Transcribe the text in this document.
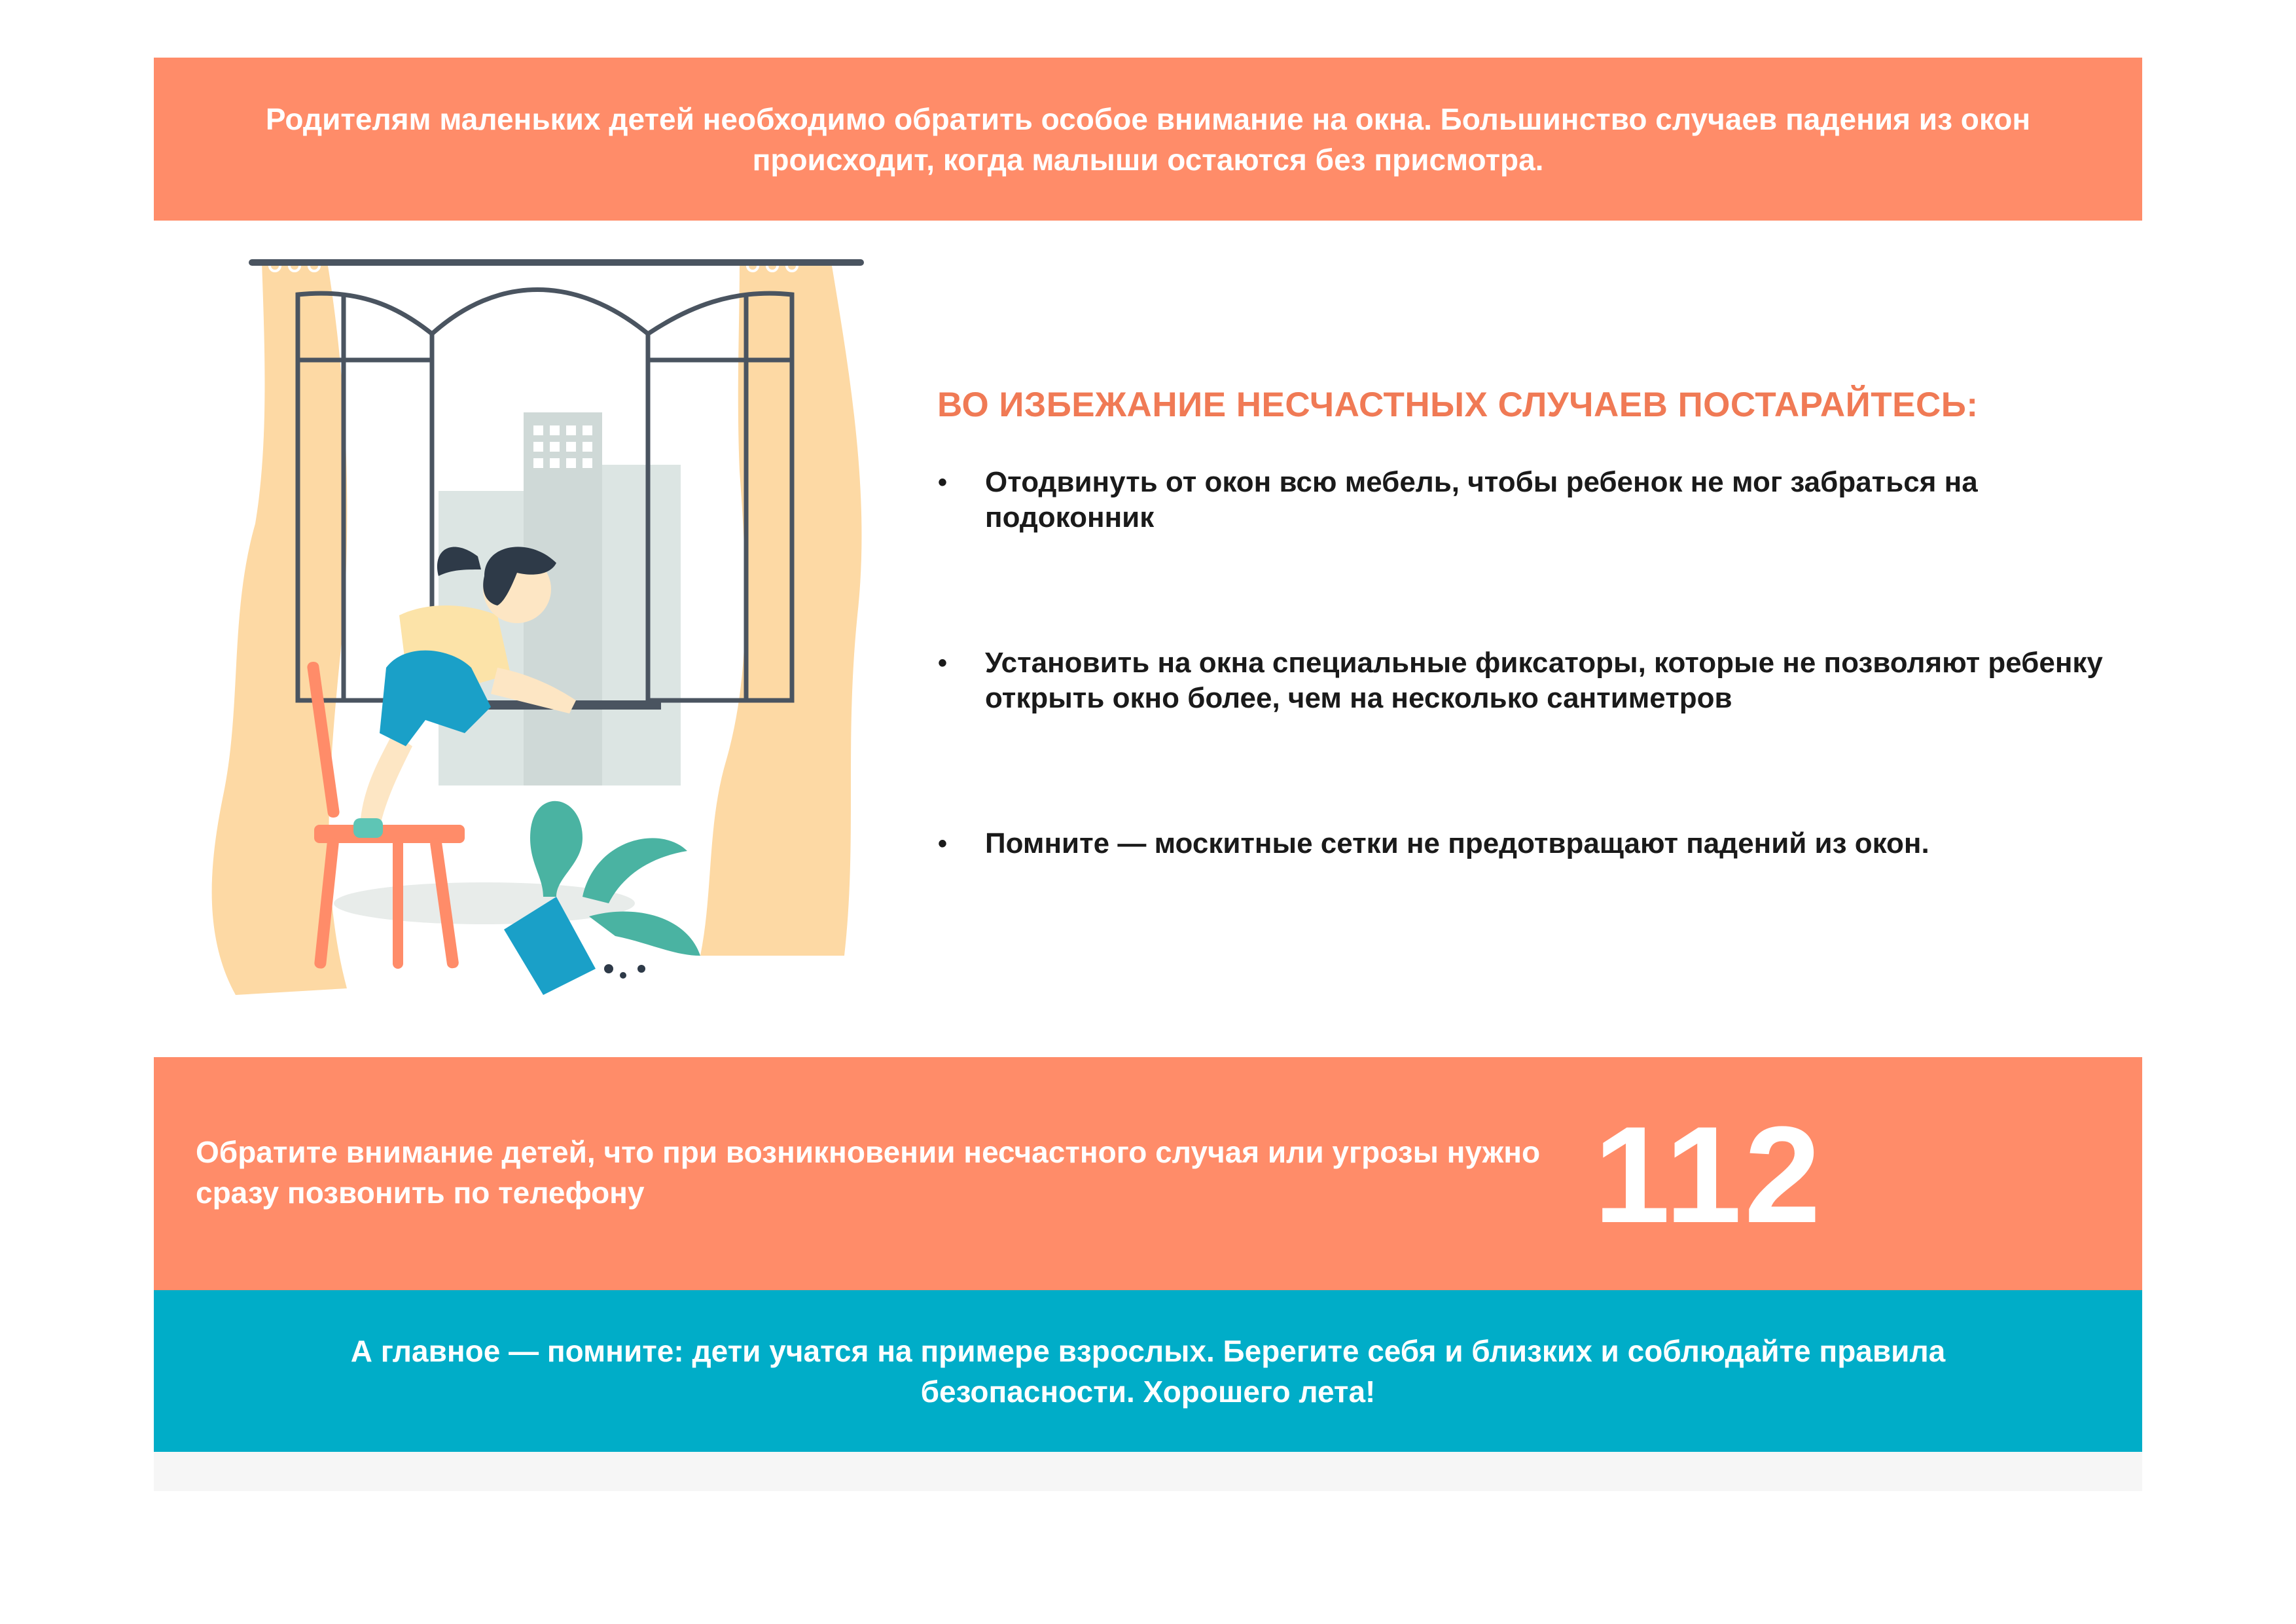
Родителям маленьких детей необходимо обратить особое внимание на окна. Большинство случаев падения из окон происходит, когда малыши остаются без присмотра.

ВО ИЗБЕЖАНИЕ НЕСЧАСТНЫХ СЛУЧАЕВ ПОСТАРАЙТЕСЬ:
• Отодвинуть от окон всю мебель, чтобы ребенок не мог забраться на подоконник
• Установить на окна специальные фиксаторы, которые не позволяют ребенку открыть окно более, чем на несколько сантиметров
• Помните — москитные сетки не предотвращают падений из окон.

Обратите внимание детей, что при возникновении несчастного случая или угрозы нужно сразу позвонить по телефону	112

А главное — помните: дети учатся на примере взрослых. Берегите себя и близких и соблюдайте правила безопасности. Хорошего лета!
